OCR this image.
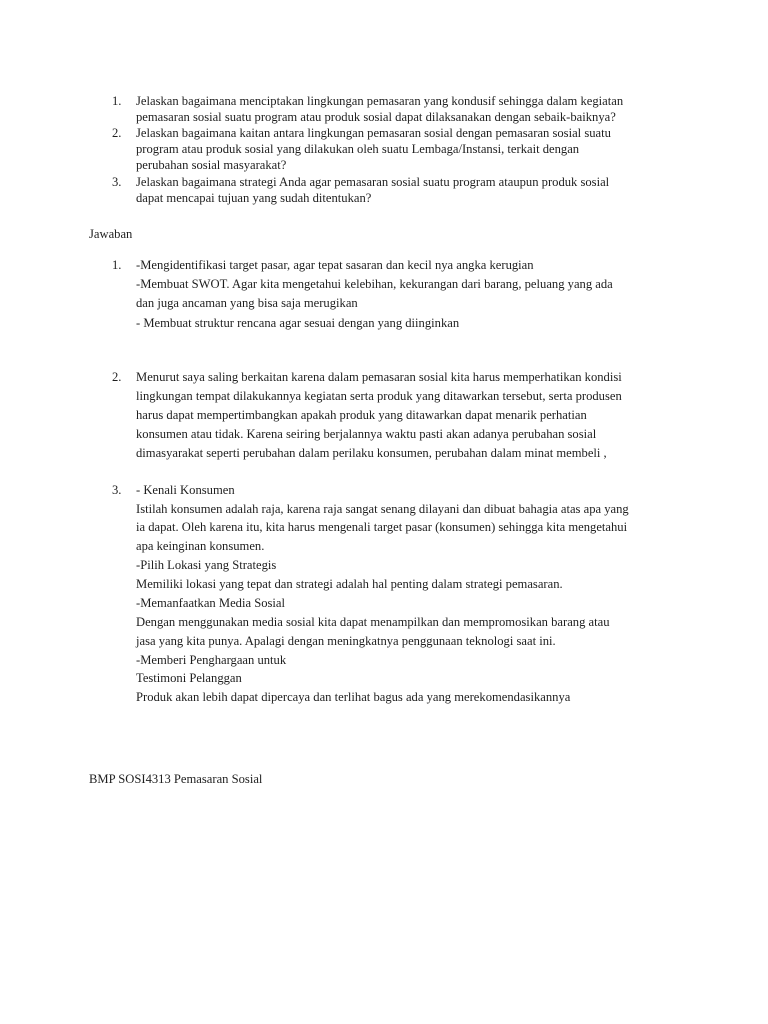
1. Jelaskan bagaimana menciptakan lingkungan pemasaran yang kondusif sehingga dalam kegiatan
pemasaran sosial suatu program atau produk sosial dapat dilaksanakan dengan sebaik-baiknya?
2. Jelaskan bagaimana kaitan antara lingkungan pemasaran sosial dengan pemasaran sosial suatu
program atau produk sosial yang dilakukan oleh suatu Lembaga/Instansi, terkait dengan
perubahan sosial masyarakat?
3. Jelaskan bagaimana strategi Anda agar pemasaran sosial suatu program ataupun produk sosial
dapat mencapai tujuan yang sudah ditentukan?
Jawaban
1. -Mengidentifikasi target pasar, agar tepat sasaran dan kecil nya angka kerugian
-Membuat SWOT. Agar kita mengetahui kelebihan, kekurangan dari barang, peluang yang ada
dan juga ancaman yang bisa saja merugikan
- Membuat struktur rencana agar sesuai dengan yang diinginkan
2. Menurut saya saling berkaitan karena dalam pemasaran sosial kita harus memperhatikan kondisi
lingkungan tempat dilakukannya kegiatan serta produk yang ditawarkan tersebut, serta produsen
harus dapat mempertimbangkan apakah produk yang ditawarkan dapat menarik perhatian
konsumen atau tidak. Karena seiring berjalannya waktu pasti akan adanya perubahan sosial
dimasyarakat seperti perubahan dalam perilaku konsumen, perubahan dalam minat membeli ,
3. - Kenali Konsumen
Istilah konsumen adalah raja, karena raja sangat senang dilayani dan dibuat bahagia atas apa yang
ia dapat. Oleh karena itu, kita harus mengenali target pasar (konsumen) sehingga kita mengetahui
apa keinginan konsumen.
-Pilih Lokasi yang Strategis
Memiliki lokasi yang tepat dan strategi adalah hal penting dalam strategi pemasaran.
-Memanfaatkan Media Sosial
Dengan menggunakan media sosial kita dapat menampilkan dan mempromosikan barang atau
jasa yang kita punya. Apalagi dengan meningkatnya penggunaan teknologi saat ini.
-Memberi Penghargaan untuk
Testimoni Pelanggan
Produk akan lebih dapat dipercaya dan terlihat bagus ada yang merekomendasikannya
BMP SOSI4313 Pemasaran Sosial
